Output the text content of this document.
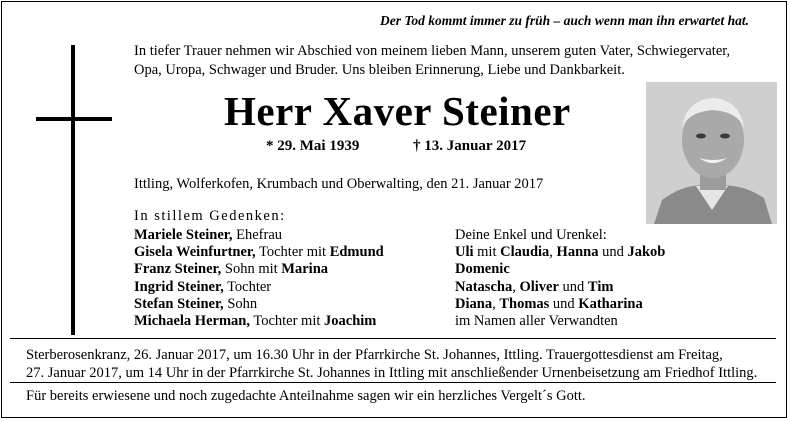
Der Tod kommt immer zu früh – auch wenn man ihn erwartet hat.
In tiefer Trauer nehmen wir Abschied von meinem lieben Mann, unserem guten Vater, Schwiegervater,
Opa, Uropa, Schwager und Bruder. Uns bleiben Erinnerung, Liebe und Dankbarkeit.
Herr Xaver Steiner
* 29. Mai 1939	† 13. Januar 2017
Ittling, Wolferkofen, Krumbach und Oberwalting, den 21. Januar 2017
In stillem Gedenken:
Mariele Steiner, Ehefrau
Gisela Weinfurtner, Tochter mit Edmund
Franz Steiner, Sohn mit Marina
Ingrid Steiner, Tochter
Stefan Steiner, Sohn
Michaela Herman, Tochter mit Joachim
Deine Enkel und Urenkel:
Uli mit Claudia, Hanna und Jakob
Domenic
Natascha, Oliver und Tim
Diana, Thomas und Katharina
im Namen aller Verwandten
Sterberosenkranz, 26. Januar 2017, um 16.30 Uhr in der Pfarrkirche St. Johannes, Ittling. Trauergottesdienst am Freitag,
27. Januar 2017, um 14 Uhr in der Pfarrkirche St. Johannes in Ittling mit anschließender Urnenbeisetzung am Friedhof Ittling.
Für bereits erwiesene und noch zugedachte Anteilnahme sagen wir ein herzliches Vergelt´s Gott.
